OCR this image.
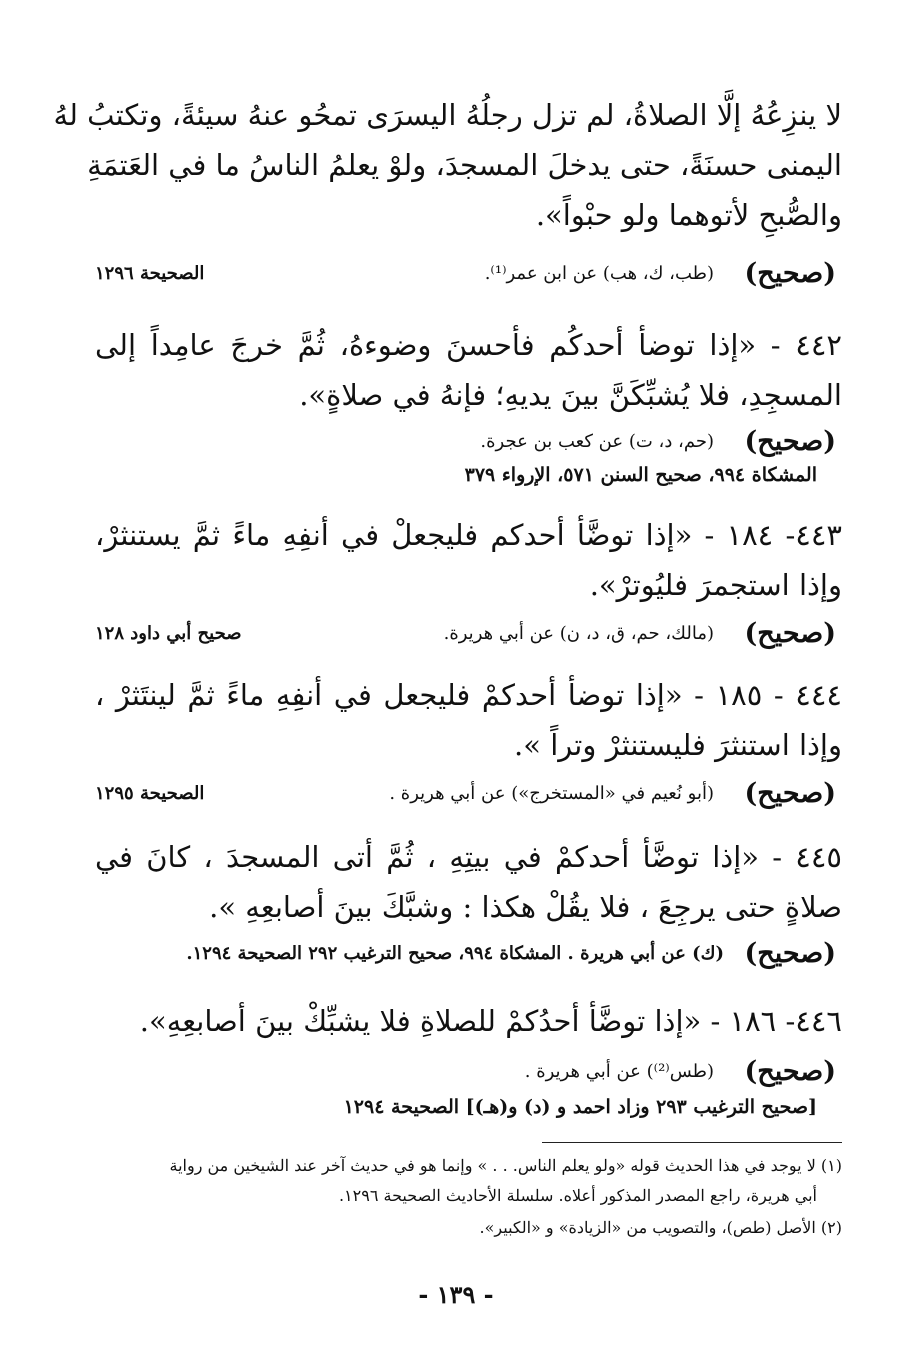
لا ينزِعُهُ إلَّا الصلاةُ، لم تزل رجلُهُ اليسرَى تمحُو عنهُ سيئةً، وتكتبُ لهُ
اليمنى حسنَةً، حتى يدخلَ المسجدَ، ولوْ يعلمُ الناسُ ما في العَتمَةِ
والصُّبحِ لأتوهما ولو حبْواً».
( صحيح )
(طب، ك، هب) عن ابن عمر⁽¹⁾.
الصحيحة ١٢٩٦
٤٤٢ - «إذا توضأ أحدكُم فأحسنَ وضوءهُ، ثُمَّ خرجَ عامِداً إلى
المسجِدِ، فلا يُشبِّكَنَّ بينَ يديهِ؛ فإنهُ في صلاةٍ».
( صحيح )
(حم، د، ت) عن كعب بن عجرة.
المشكاة ٩٩٤، صحيح السنن ٥٧١، الإرواء ٣٧٩
٤٤٣- ١٨٤ - «إذا توضَّأ أحدكم فليجعلْ في أنفِهِ ماءً ثمَّ يستنثرْ،
وإذا استجمرَ فليُوترْ».
( صحيح )
(مالك، حم، ق، د، ن) عن أبي هريرة.
صحيح أبي داود ١٢٨
٤٤٤ - ١٨٥ - «إذا توضأ أحدكمْ فليجعل في أنفِهِ ماءً ثمَّ لينتَثرْ ،
وإذا استنثرَ فليستنثرْ وتراً ».
( صحيح )
(أبو نُعيم في «المستخرج») عن أبي هريرة .
الصحيحة ١٢٩٥
٤٤٥ - «إذا توضَّأ أحدكمْ في بيتِهِ ، ثُمَّ أتى المسجدَ ، كانَ في
صلاةٍ حتى يرجِعَ ، فلا يقُلْ هكذا : وشبَّكَ بينَ أصابعِهِ ».
( صحيح )
(ك) عن أبي هريرة . المشكاة ٩٩٤، صحيح الترغيب ٢٩٢ الصحيحة ١٢٩٤.
٤٤٦- ١٨٦ - «إذا توضَّأ أحدُكمْ للصلاةِ فلا يشبِّكْ بينَ أصابعِهِ».
( صحيح )
(طس⁽²⁾) عن أبي هريرة .
[صحيح الترغيب ٢٩٣ وزاد احمد و (د) و(هـ)] الصحيحة ١٢٩٤
(١) لا يوجد في هذا الحديث قوله «ولو يعلم الناس. . . » وإنما هو في حديث آخر عند الشيخين من رواية
أبي هريرة، راجع المصدر المذكور أعلاه. سلسلة الأحاديث الصحيحة ١٢٩٦.
(٢) الأصل (طص)، والتصويب من «الزيادة» و «الكبير».
- ١٣٩ -
